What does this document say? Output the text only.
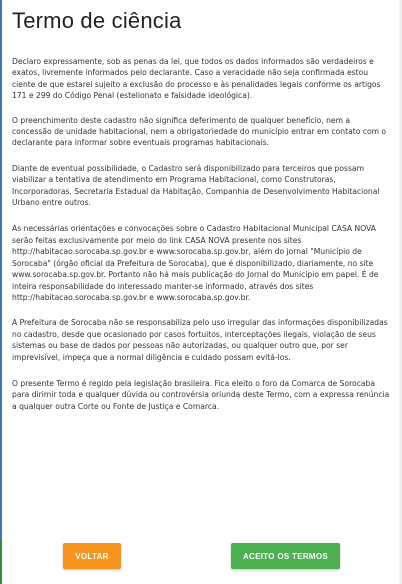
Termo de ciência

Declaro expressamente, sob as penas da lei, que todos os dados informados são verdadeiros e exatos, livremente informados pelo declarante. Caso a veracidade não seja confirmada estou ciente de que estarei sujeito a exclusão do processo e às penalidades legais conforme os artigos 171 e 299 do Código Penal (estelionato e falsidade ideológica).

O preenchimento deste cadastro não significa deferimento de qualquer benefício, nem a concessão de unidade habitacional, nem a obrigatoriedade do município entrar em contato com o declarante para informar sobre eventuais programas habitacionais.

Diante de eventual possibilidade, o Cadastro será disponibilizado para terceiros que possam viabilizar a tentativa de atendimento em Programa Habitacional, como Construtoras, Incorporadoras, Secretaria Estadual da Habitação, Companhia de Desenvolvimento Habitacional Urbano entre outros.

As necessárias orientações e convocações sobre o Cadastro Habitacional Municipal CASA NOVA serão feitas exclusivamente por meio do link CASA NOVA presente nos sites http://habitacao.sorocaba.sp.gov.br e www.sorocaba.sp.gov.br, além do jornal "Município de Sorocaba" (órgão oficial da Prefeitura de Sorocaba), que é disponibilizado, diariamente, no site www.sorocaba.sp.gov.br. Portanto não há mais publicação do Jornal do Município em papel. É de inteira responsabilidade do interessado manter-se informado, através dos sites http://habitacao.sorocaba.sp.gov.br e www.sorocaba.sp.gov.br.

A Prefeitura de Sorocaba não se responsabiliza pelo uso irregular das informações disponibilizadas no cadastro, desde que ocasionado por casos fortuitos, interceptações ilegais, violação de seus sistemas ou base de dados por pessoas não autorizadas, ou qualquer outro que, por ser imprevisível, impeça que a normal diligência e cuidado possam evitá-los.

O presente Termo é regido pela legislação brasileira. Fica eleito o foro da Comarca de Sorocaba para dirimir toda e qualquer dúvida ou controvérsia oriunda deste Termo, com a expressa renúncia a qualquer outra Corte ou Fonte de Justiça e Comarca.

VOLTAR	ACEITO OS TERMOS
